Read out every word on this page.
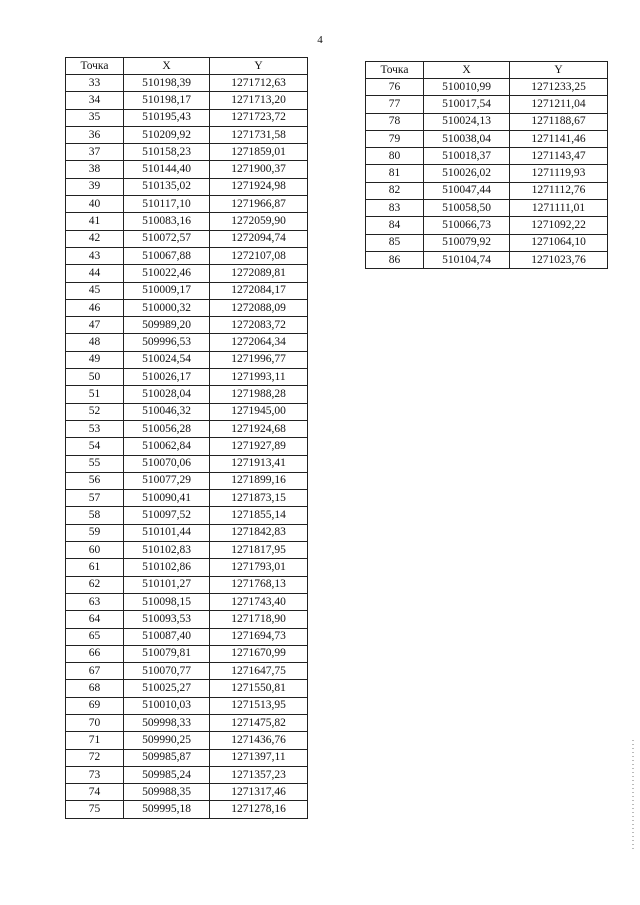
4
Точка	X	Y
33	510198,39	1271712,63
34	510198,17	1271713,20
35	510195,43	1271723,72
36	510209,92	1271731,58
37	510158,23	1271859,01
38	510144,40	1271900,37
39	510135,02	1271924,98
40	510117,10	1271966,87
41	510083,16	1272059,90
42	510072,57	1272094,74
43	510067,88	1272107,08
44	510022,46	1272089,81
45	510009,17	1272084,17
46	510000,32	1272088,09
47	509989,20	1272083,72
48	509996,53	1272064,34
49	510024,54	1271996,77
50	510026,17	1271993,11
51	510028,04	1271988,28
52	510046,32	1271945,00
53	510056,28	1271924,68
54	510062,84	1271927,89
55	510070,06	1271913,41
56	510077,29	1271899,16
57	510090,41	1271873,15
58	510097,52	1271855,14
59	510101,44	1271842,83
60	510102,83	1271817,95
61	510102,86	1271793,01
62	510101,27	1271768,13
63	510098,15	1271743,40
64	510093,53	1271718,90
65	510087,40	1271694,73
66	510079,81	1271670,99
67	510070,77	1271647,75
68	510025,27	1271550,81
69	510010,03	1271513,95
70	509998,33	1271475,82
71	509990,25	1271436,76
72	509985,87	1271397,11
73	509985,24	1271357,23
74	509988,35	1271317,46
75	509995,18	1271278,16
Точка	X	Y
76	510010,99	1271233,25
77	510017,54	1271211,04
78	510024,13	1271188,67
79	510038,04	1271141,46
80	510018,37	1271143,47
81	510026,02	1271119,93
82	510047,44	1271112,76
83	510058,50	1271111,01
84	510066,73	1271092,22
85	510079,92	1271064,10
86	510104,74	1271023,76
